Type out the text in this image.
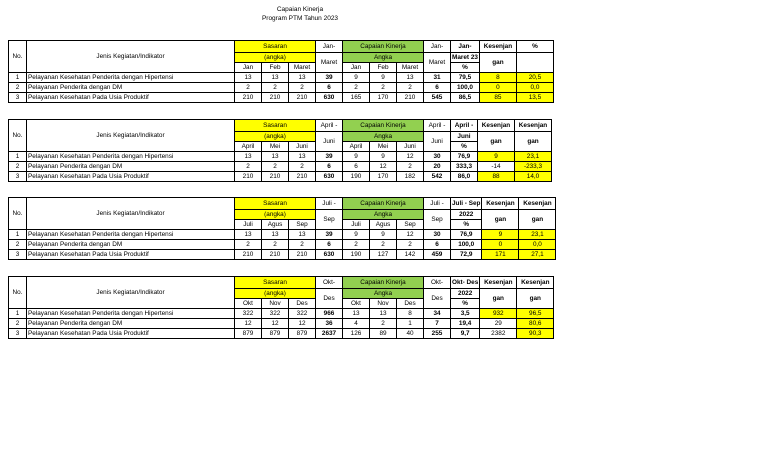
Capaian Kinerja
Program PTM Tahun 2023
No.	Jenis Kegiatan/Indikator	Sasaran			Jan-	Capaian Kinerja			Jan-	Jan-	Kesenjan	%
		(angka)			Maret	Angka			Maret	Maret 23	gan	
		Jan	Feb	Maret		Jan	Feb	Maret		%		
1	Pelayanan Kesehatan Penderita dengan Hipertensi	13	13	13	39	9	9	13	31	79,5	8	20,5
2	Pelayanan Penderita dengan DM	2	2	2	6	2	2	2	6	100,0	0	0,0
3	Pelayanan Kesehatan Pada Usia Produktif	210	210	210	630	165	170	210	545	86,5	85	13,5
No.	Jenis Kegiatan/Indikator	Sasaran			April -	Capaian Kinerja			April -	April -	Kesenjan	Kesenjan
		(angka)			Juni	Angka			Juni	Juni	gan	gan
		April	Mei	Juni		April	Mei	Juni		%		
1	Pelayanan Kesehatan Penderita dengan Hipertensi	13	13	13	39	9	9	12	30	76,9	9	23,1
2	Pelayanan Penderita dengan DM	2	2	2	6	6	12	2	20	333,3	-14	-233,3
3	Pelayanan Kesehatan Pada Usia Produktif	210	210	210	630	190	170	182	542	86,0	88	14,0
No.	Jenis Kegiatan/Indikator	Sasaran			Juli -	Capaian Kinerja			Juli -	Juli - Sep	Kesenjan	Kesenjan
		(angka)			Sep	Angka			Sep	2022	gan	gan
		Juli	Agus	Sep		Juli	Agus	Sep		%		
1	Pelayanan Kesehatan Penderita dengan Hipertensi	13	13	13	39	9	9	12	30	76,9	9	23,1
2	Pelayanan Penderita dengan DM	2	2	2	6	2	2	2	6	100,0	0	0,0
3	Pelayanan Kesehatan Pada Usia Produktif	210	210	210	630	190	127	142	459	72,9	171	27,1
No.	Jenis Kegiatan/Indikator	Sasaran			Okt-	Capaian Kinerja			Okt-	Okt- Des	Kesenjan	Kesenjan
		(angka)			Des	Angka			Des	2022	gan	gan
		Okt	Nov	Des		Okt	Nov	Des		%		
1	Pelayanan Kesehatan Penderita dengan Hipertensi	322	322	322	966	13	13	8	34	3,5	932	96,5
2	Pelayanan Penderita dengan DM	12	12	12	36	4	2	1	7	19,4	29	80,6
3	Pelayanan Kesehatan Pada Usia Produktif	879	879	879	2637	126	89	40	255	9,7	2382	90,3
